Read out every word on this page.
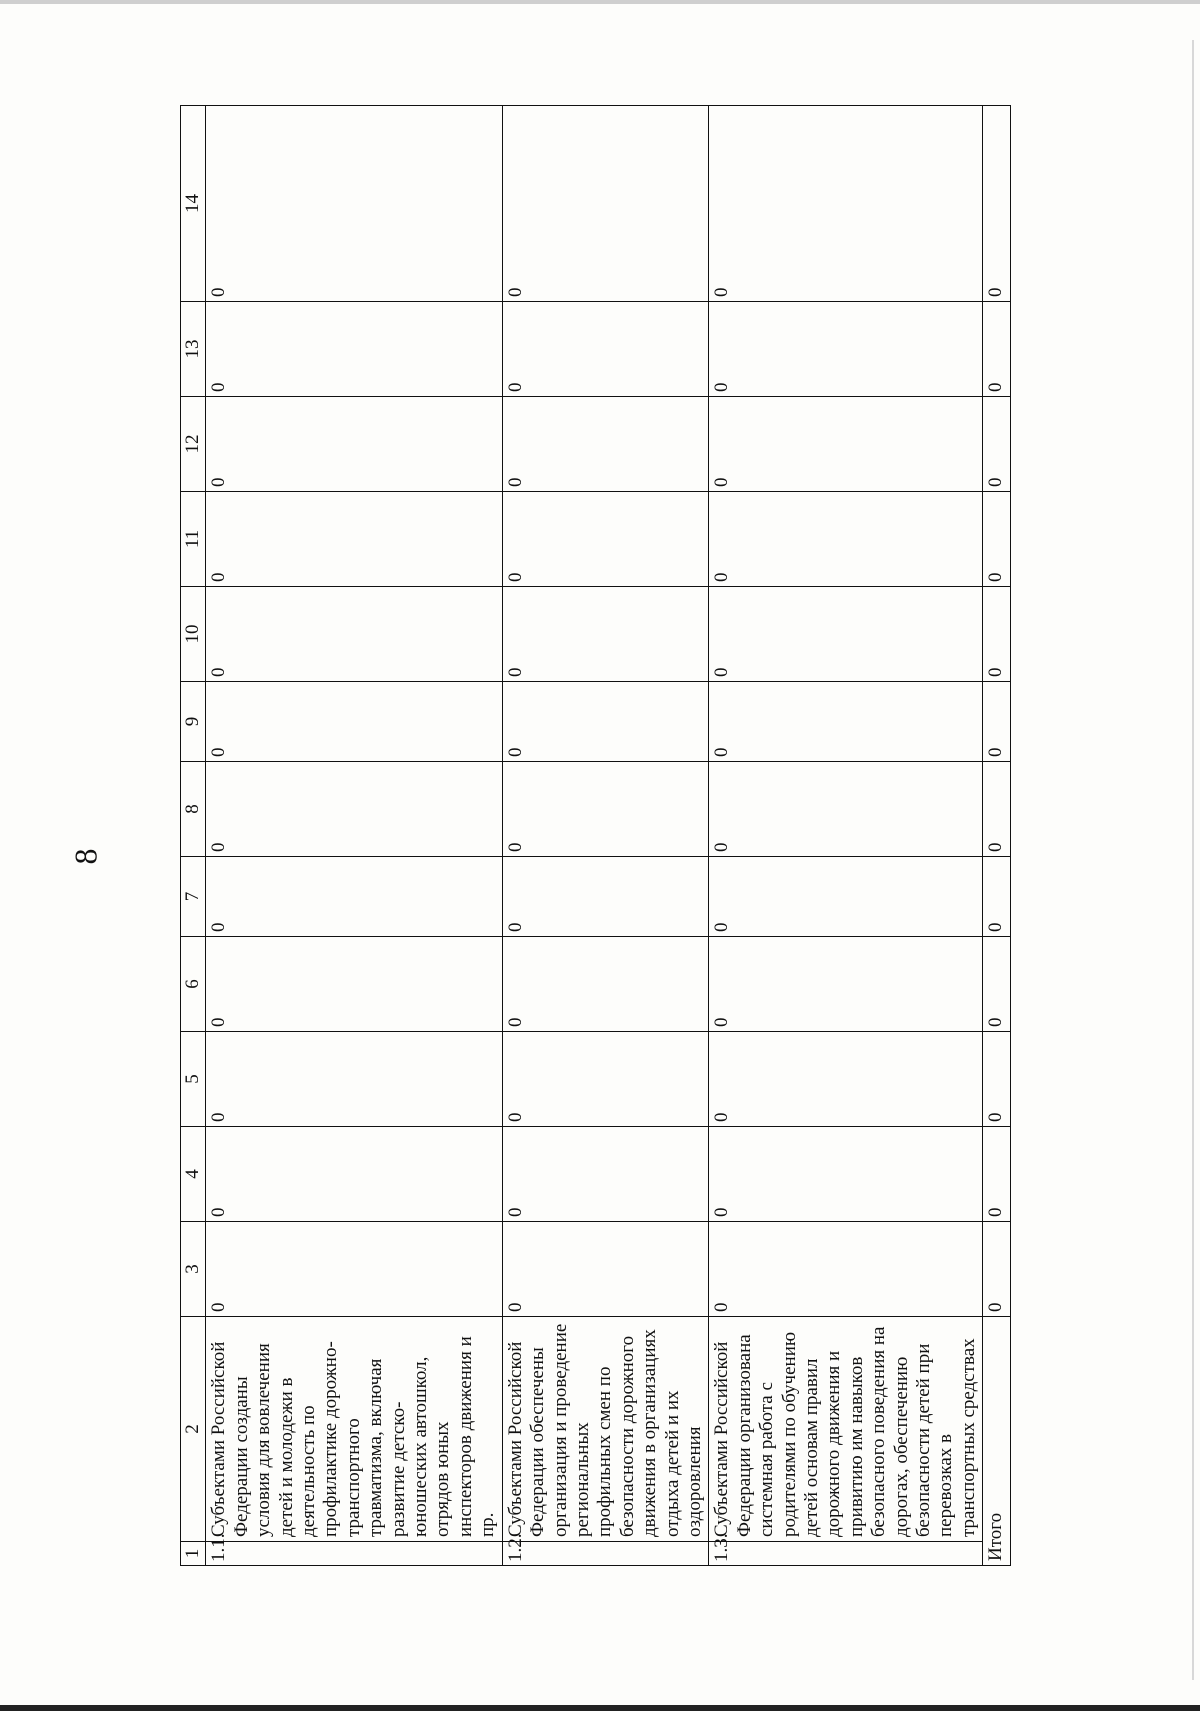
8
1	2	3	4	5	6	7	8	9	10	11	12	13	14
1.1.	Субъектами Российской Федерации созданы условия для вовлечения детей и молодежи в деятельность по профилактике дорожно-транспортного травматизма, включая развитие детско-юношеских автошкол, отрядов юных инспекторов движения и пр.	0	0	0	0	0	0	0	0	0	0	0	0
1.2.	Субъектами Российской Федерации обеспечены организация и проведение региональных профильных смен по безопасности дорожного движения в организациях отдыха детей и их оздоровления	0	0	0	0	0	0	0	0	0	0	0	0
1.3.	Субъектами Российской Федерации организована системная работа с родителями по обучению детей основам правил дорожного движения и привитию им навыков безопасного поведения на дорогах, обеспечению безопасности детей при перевозках в транспортных средствах	0	0	0	0	0	0	0	0	0	0	0	0
Итого		0	0	0	0	0	0	0	0	0	0	0	0
